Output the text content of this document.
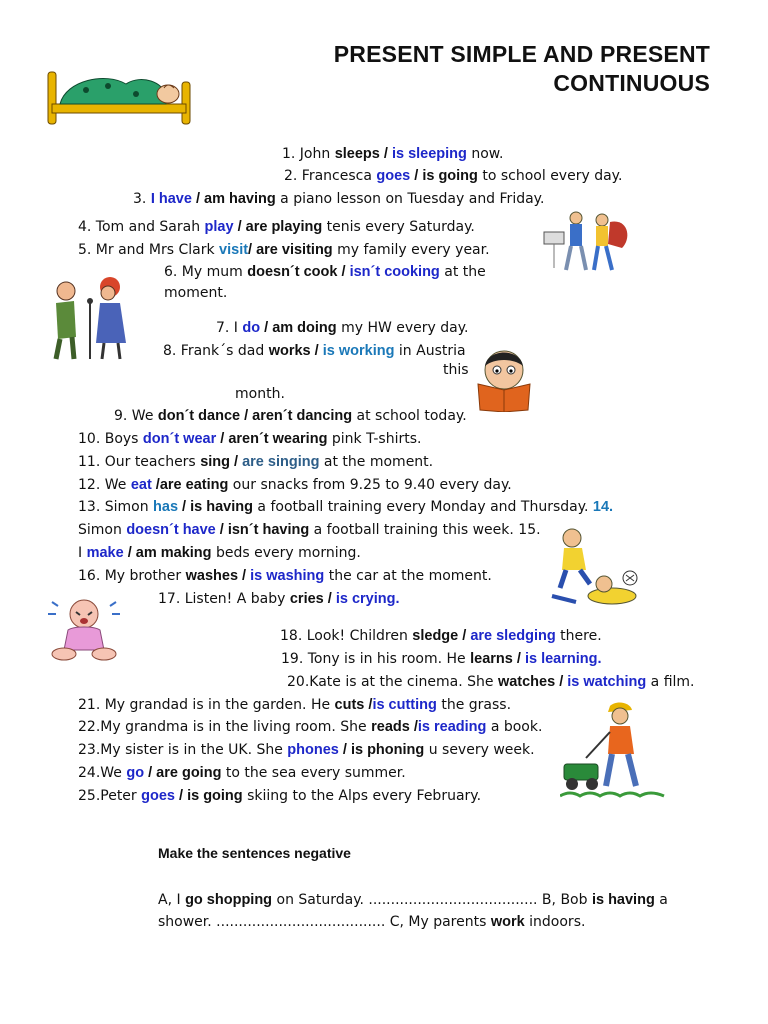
PRESENT SIMPLE AND PRESENT
CONTINUOUS
1. John sleeps / is sleeping now.
2. Francesca goes / is going to school every day.
3. I have / am having a piano lesson on Tuesday and Friday.
4. Tom and Sarah play / are playing tenis every Saturday.
5. Mr and Mrs Clark visit/ are visiting my family every year.
6. My mum doesn´t cook / isn´t cooking at the
moment.
7. I do / am doing my HW every day.
8. Frank´s dad works / is working in Austria
this
month.
9. We don´t dance / aren´t dancing at school today.
10. Boys don´t wear / aren´t wearing pink T-shirts.
11. Our teachers sing / are singing at the moment.
12. We eat /are eating our snacks from 9.25 to 9.40 every day.
13. Simon has / is having a football training every Monday and Thursday. 14.
Simon doesn´t have / isn´t having a football training this week. 15.
I make / am making beds every morning.
16. My brother washes / is washing the car at the moment.
17. Listen! A baby cries / is crying.
18. Look! Children sledge / are sledging there.
19. Tony is in his room. He learns / is learning.
20.Kate is at the cinema. She watches / is watching a film.
21. My grandad is in the garden. He cuts /is cutting the grass.
22.My grandma is in the living room. She reads /is reading a book.
23.My sister is in the UK. She phones / is phoning u severy week.
24.We go / are going to the sea every summer.
25.Peter goes / is going skiing to the Alps every February.
Make the sentences negative
A, I go shopping on Saturday. ...................................... B, Bob is having a
shower. ...................................... C, My parents work indoors.
